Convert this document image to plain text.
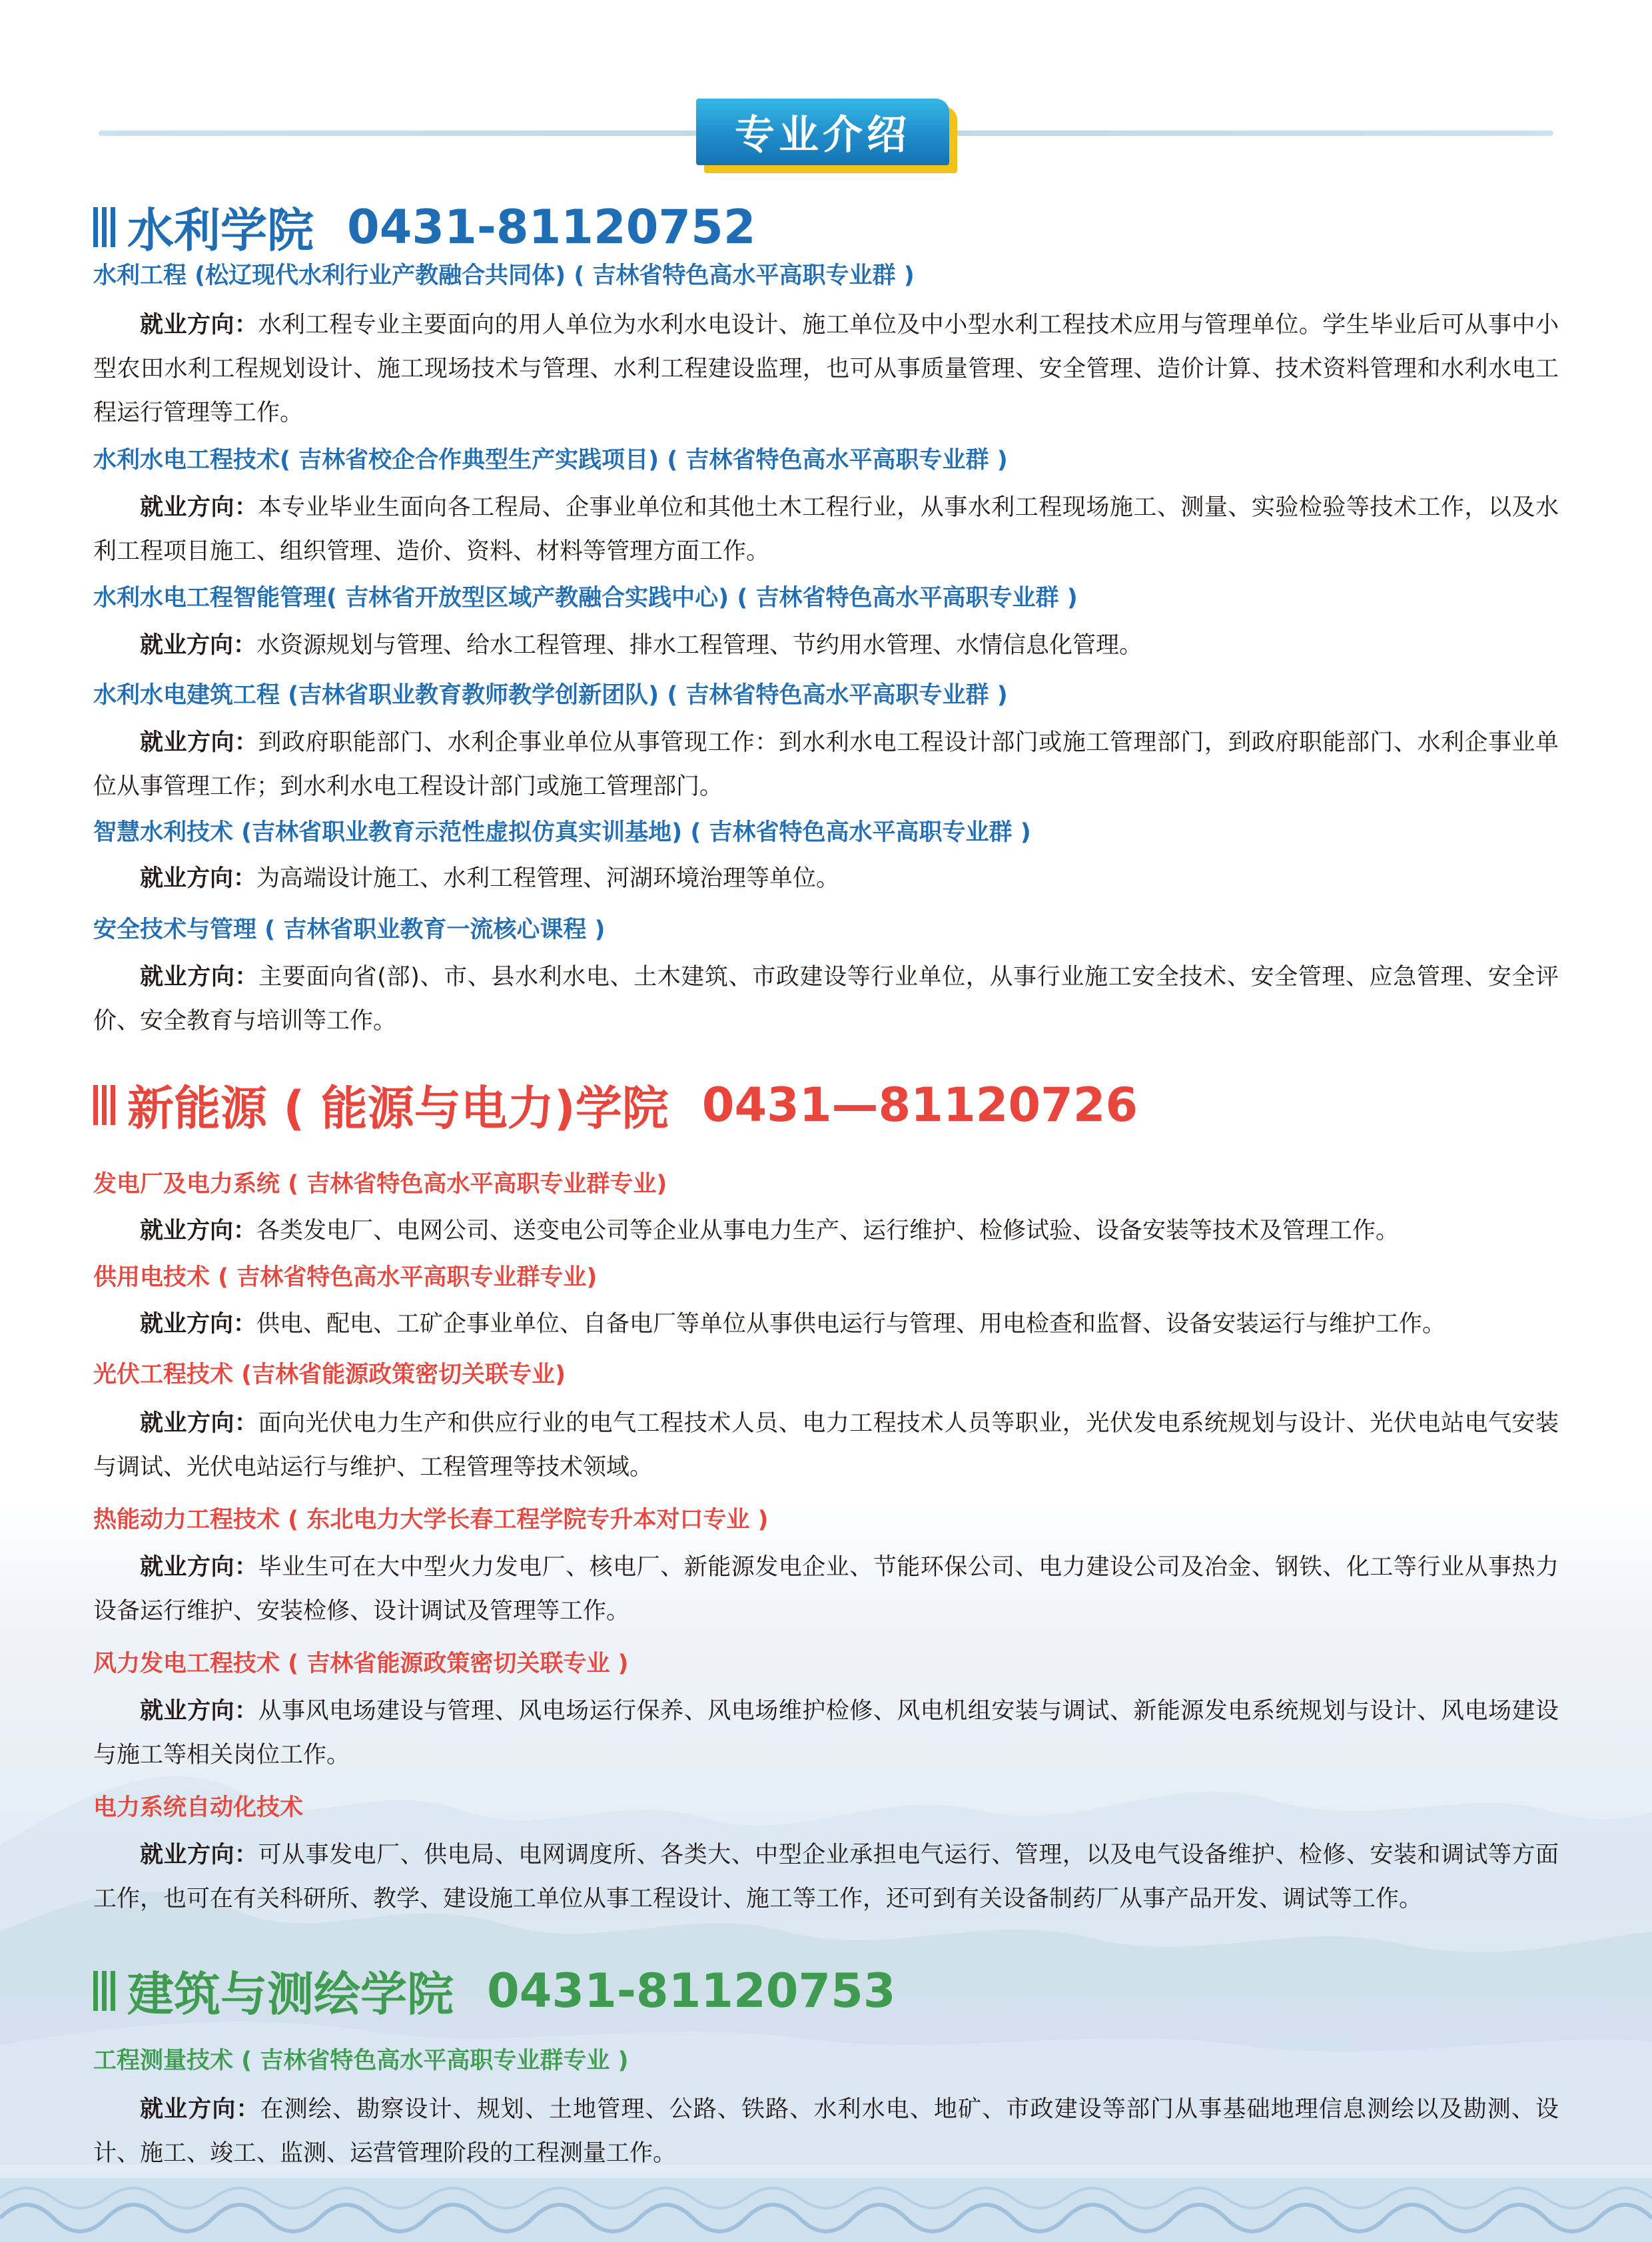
专业介绍
水利学院 0431-81120752
水利工程 (松辽现代水利行业产教融合共同体) ( 吉林省特色高水平高职专业群 )
就业方向：水利工程专业主要面向的用人单位为水利水电设计、施工单位及中小型水利工程技术应用与管理单位。学生毕业后可从事中小型农田水利工程规划设计、施工现场技术与管理、水利工程建设监理，也可从事质量管理、安全管理、造价计算、技术资料管理和水利水电工程运行管理等工作。
水利水电工程技术( 吉林省校企合作典型生产实践项目) ( 吉林省特色高水平高职专业群 )
就业方向：本专业毕业生面向各工程局、企事业单位和其他土木工程行业，从事水利工程现场施工、测量、实验检验等技术工作，以及水利工程项目施工、组织管理、造价、资料、材料等管理方面工作。
水利水电工程智能管理( 吉林省开放型区域产教融合实践中心) ( 吉林省特色高水平高职专业群 )
就业方向：水资源规划与管理、给水工程管理、排水工程管理、节约用水管理、水情信息化管理。
水利水电建筑工程 (吉林省职业教育教师教学创新团队) ( 吉林省特色高水平高职专业群 )
就业方向：到政府职能部门、水利企事业单位从事管现工作：到水利水电工程设计部门或施工管理部门，到政府职能部门、水利企事业单位从事管理工作；到水利水电工程设计部门或施工管理部门。
智慧水利技术 (吉林省职业教育示范性虚拟仿真实训基地) ( 吉林省特色高水平高职专业群 )
就业方向：为高端设计施工、水利工程管理、河湖环境治理等单位。
安全技术与管理 ( 吉林省职业教育一流核心课程 )
就业方向：主要面向省(部)、市、县水利水电、土木建筑、市政建设等行业单位，从事行业施工安全技术、安全管理、应急管理、安全评价、安全教育与培训等工作。
新能源 ( 能源与电力)学院 0431—81120726
发电厂及电力系统 ( 吉林省特色高水平高职专业群专业)
就业方向：各类发电厂、电网公司、送变电公司等企业从事电力生产、运行维护、检修试验、设备安装等技术及管理工作。
供用电技术 ( 吉林省特色高水平高职专业群专业)
就业方向：供电、配电、工矿企事业单位、自备电厂等单位从事供电运行与管理、用电检查和监督、设备安装运行与维护工作。
光伏工程技术 (吉林省能源政策密切关联专业)
就业方向：面向光伏电力生产和供应行业的电气工程技术人员、电力工程技术人员等职业，光伏发电系统规划与设计、光伏电站电气安装与调试、光伏电站运行与维护、工程管理等技术领域。
热能动力工程技术 ( 东北电力大学长春工程学院专升本对口专业 )
就业方向：毕业生可在大中型火力发电厂、核电厂、新能源发电企业、节能环保公司、电力建设公司及冶金、钢铁、化工等行业从事热力设备运行维护、安装检修、设计调试及管理等工作。
风力发电工程技术 ( 吉林省能源政策密切关联专业 )
就业方向：从事风电场建设与管理、风电场运行保养、风电场维护检修、风电机组安装与调试、新能源发电系统规划与设计、风电场建设与施工等相关岗位工作。
电力系统自动化技术
就业方向：可从事发电厂、供电局、电网调度所、各类大、中型企业承担电气运行、管理，以及电气设备维护、检修、安装和调试等方面工作，也可在有关科研所、教学、建设施工单位从事工程设计、施工等工作，还可到有关设备制药厂从事产品开发、调试等工作。
建筑与测绘学院 0431-81120753
工程测量技术 ( 吉林省特色高水平高职专业群专业 )
就业方向：在测绘、勘察设计、规划、土地管理、公路、铁路、水利水电、地矿、市政建设等部门从事基础地理信息测绘以及勘测、设计、施工、竣工、监测、运营管理阶段的工程测量工作。
